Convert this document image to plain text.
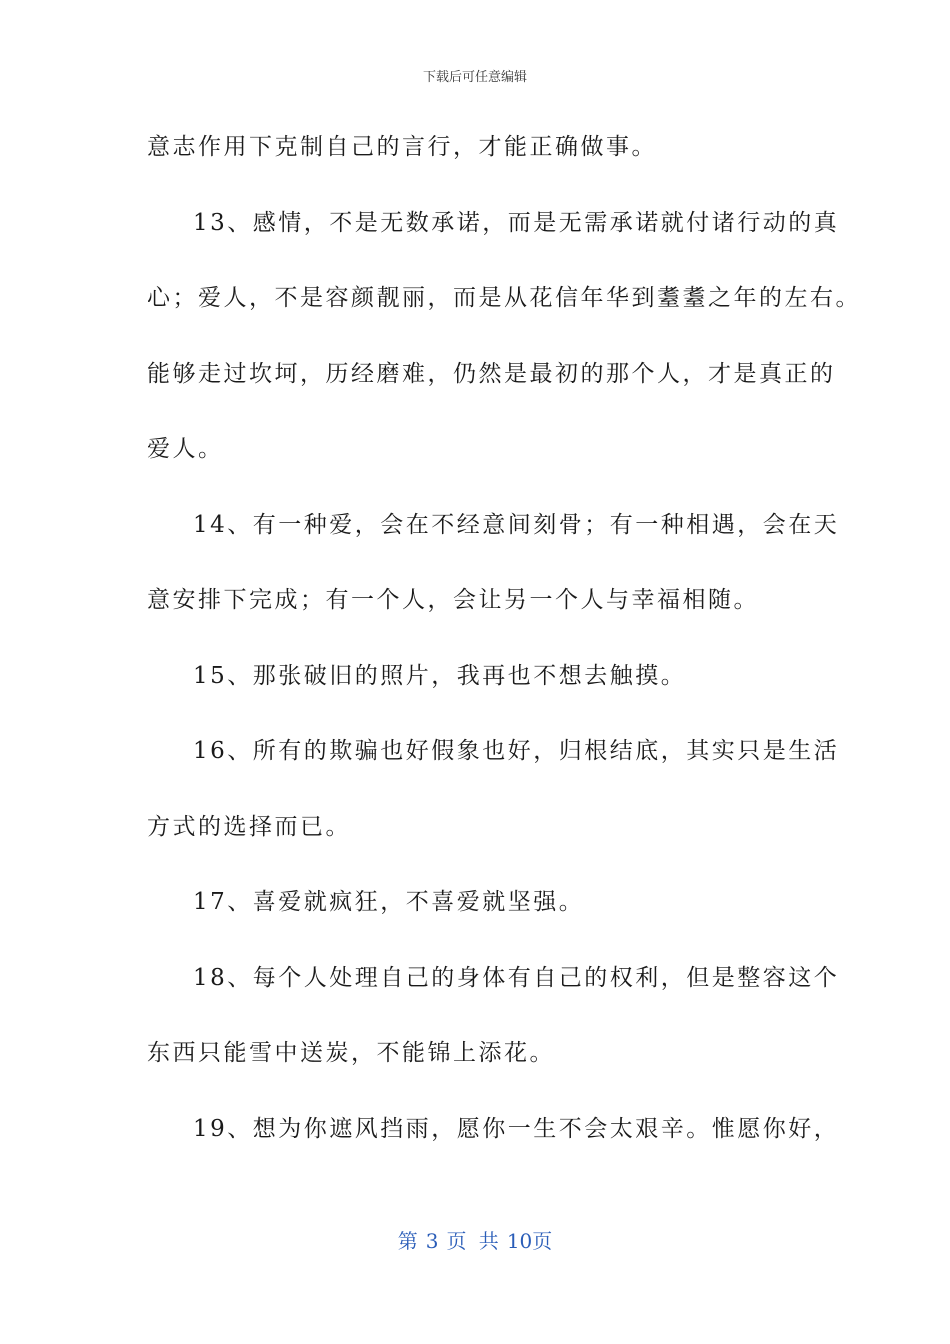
下载后可任意编辑
意志作用下克制自己的言行，才能正确做事。
13、感情，不是无数承诺，而是无需承诺就付诸行动的真
心；爱人，不是容颜靓丽，而是从花信年华到耋耋之年的左右。
能够走过坎坷，历经磨难，仍然是最初的那个人，才是真正的
爱人。
14、有一种爱，会在不经意间刻骨；有一种相遇，会在天
意安排下完成；有一个人，会让另一个人与幸福相随。
15、那张破旧的照片，我再也不想去触摸。
16、所有的欺骗也好假象也好，归根结底，其实只是生活
方式的选择而已。
17、喜爱就疯狂，不喜爱就坚强。
18、每个人处理自己的身体有自己的权利，但是整容这个
东西只能雪中送炭，不能锦上添花。
19、想为你遮风挡雨，愿你一生不会太艰辛。惟愿你好，
第 3 页 共 10页
